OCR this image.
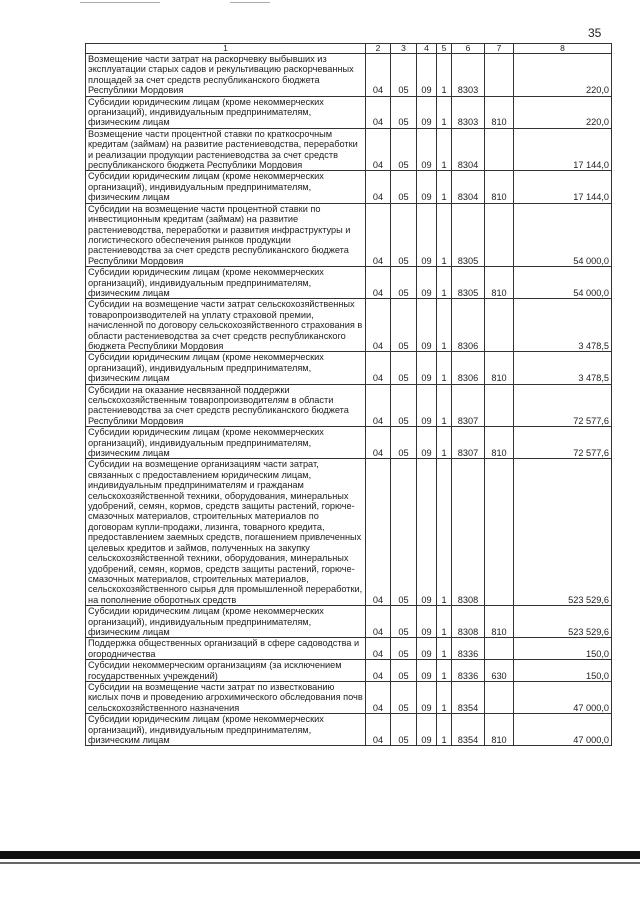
35
1	2	3	4	5	6	7	8
Возмещение части затрат на раскорчевку выбывших из эксплуатации старых садов и рекультивацию раскорчеванных площадей за счет средств республиканского бюджета Республики Мордовия	04	05	09	1	8303		220,0
Субсидии юридическим лицам (кроме некоммерческих организаций), индивидуальным предпринимателям, физическим лицам	04	05	09	1	8303	810	220,0
Возмещение части процентной ставки по краткосрочным кредитам (займам) на развитие растениеводства, переработки и реализации продукции растениеводства за счет средств республиканского бюджета Республики Мордовия	04	05	09	1	8304		17 144,0
Субсидии юридическим лицам (кроме некоммерческих организаций), индивидуальным предпринимателям, физическим лицам	04	05	09	1	8304	810	17 144,0
Субсидии на возмещение части процентной ставки по инвестиционным кредитам (займам) на развитие растениеводства, переработки и развития инфраструктуры и логистического обеспечения рынков продукции растениеводства за счет средств республиканского бюджета Республики Мордовия	04	05	09	1	8305		54 000,0
Субсидии юридическим лицам (кроме некоммерческих организаций), индивидуальным предпринимателям, физическим лицам	04	05	09	1	8305	810	54 000,0
Субсидии на возмещение части затрат сельскохозяйственных товаропроизводителей на уплату страховой премии, начисленной по договору сельскохозяйственного страхования в области растениеводства за счет средств республиканского бюджета Республики Мордовия	04	05	09	1	8306		3 478,5
Субсидии юридическим лицам (кроме некоммерческих организаций), индивидуальным предпринимателям, физическим лицам	04	05	09	1	8306	810	3 478,5
Субсидии на оказание несвязанной поддержки сельскохозяйственным товаропроизводителям в области растениеводства за счет средств республиканского бюджета Республики Мордовия	04	05	09	1	8307		72 577,6
Субсидии юридическим лицам (кроме некоммерческих организаций), индивидуальным предпринимателям, физическим лицам	04	05	09	1	8307	810	72 577,6
Субсидии на возмещение организациям части затрат, связанных с предоставлением юридическим лицам, индивидуальным предпринимателям и гражданам сельскохозяйственной техники, оборудования, минеральных удобрений, семян, кормов, средств защиты растений, горюче-смазочных материалов, строительных материалов по договорам купли-продажи, лизинга, товарного кредита, предоставлением заемных средств, погашением привлеченных целевых кредитов и займов, полученных на закупку сельскохозяйственной техники, оборудования, минеральных удобрений, семян, кормов, средств защиты растений, горюче-смазочных материалов, строительных материалов, сельскохозяйственного сырья для промышленной переработки, на пополнение оборотных средств	04	05	09	1	8308		523 529,6
Субсидии юридическим лицам (кроме некоммерческих организаций), индивидуальным предпринимателям, физическим лицам	04	05	09	1	8308	810	523 529,6
Поддержка общественных организаций в сфере садоводства и огородничества	04	05	09	1	8336		150,0
Субсидии некоммерческим организациям (за исключением государственных учреждений)	04	05	09	1	8336	630	150,0
Субсидии на возмещение части затрат по известкованию кислых почв и проведению агрохимического обследования почв сельскохозяйственного назначения	04	05	09	1	8354		47 000,0
Субсидии юридическим лицам (кроме некоммерческих организаций), индивидуальным предпринимателям, физическим лицам	04	05	09	1	8354	810	47 000,0
